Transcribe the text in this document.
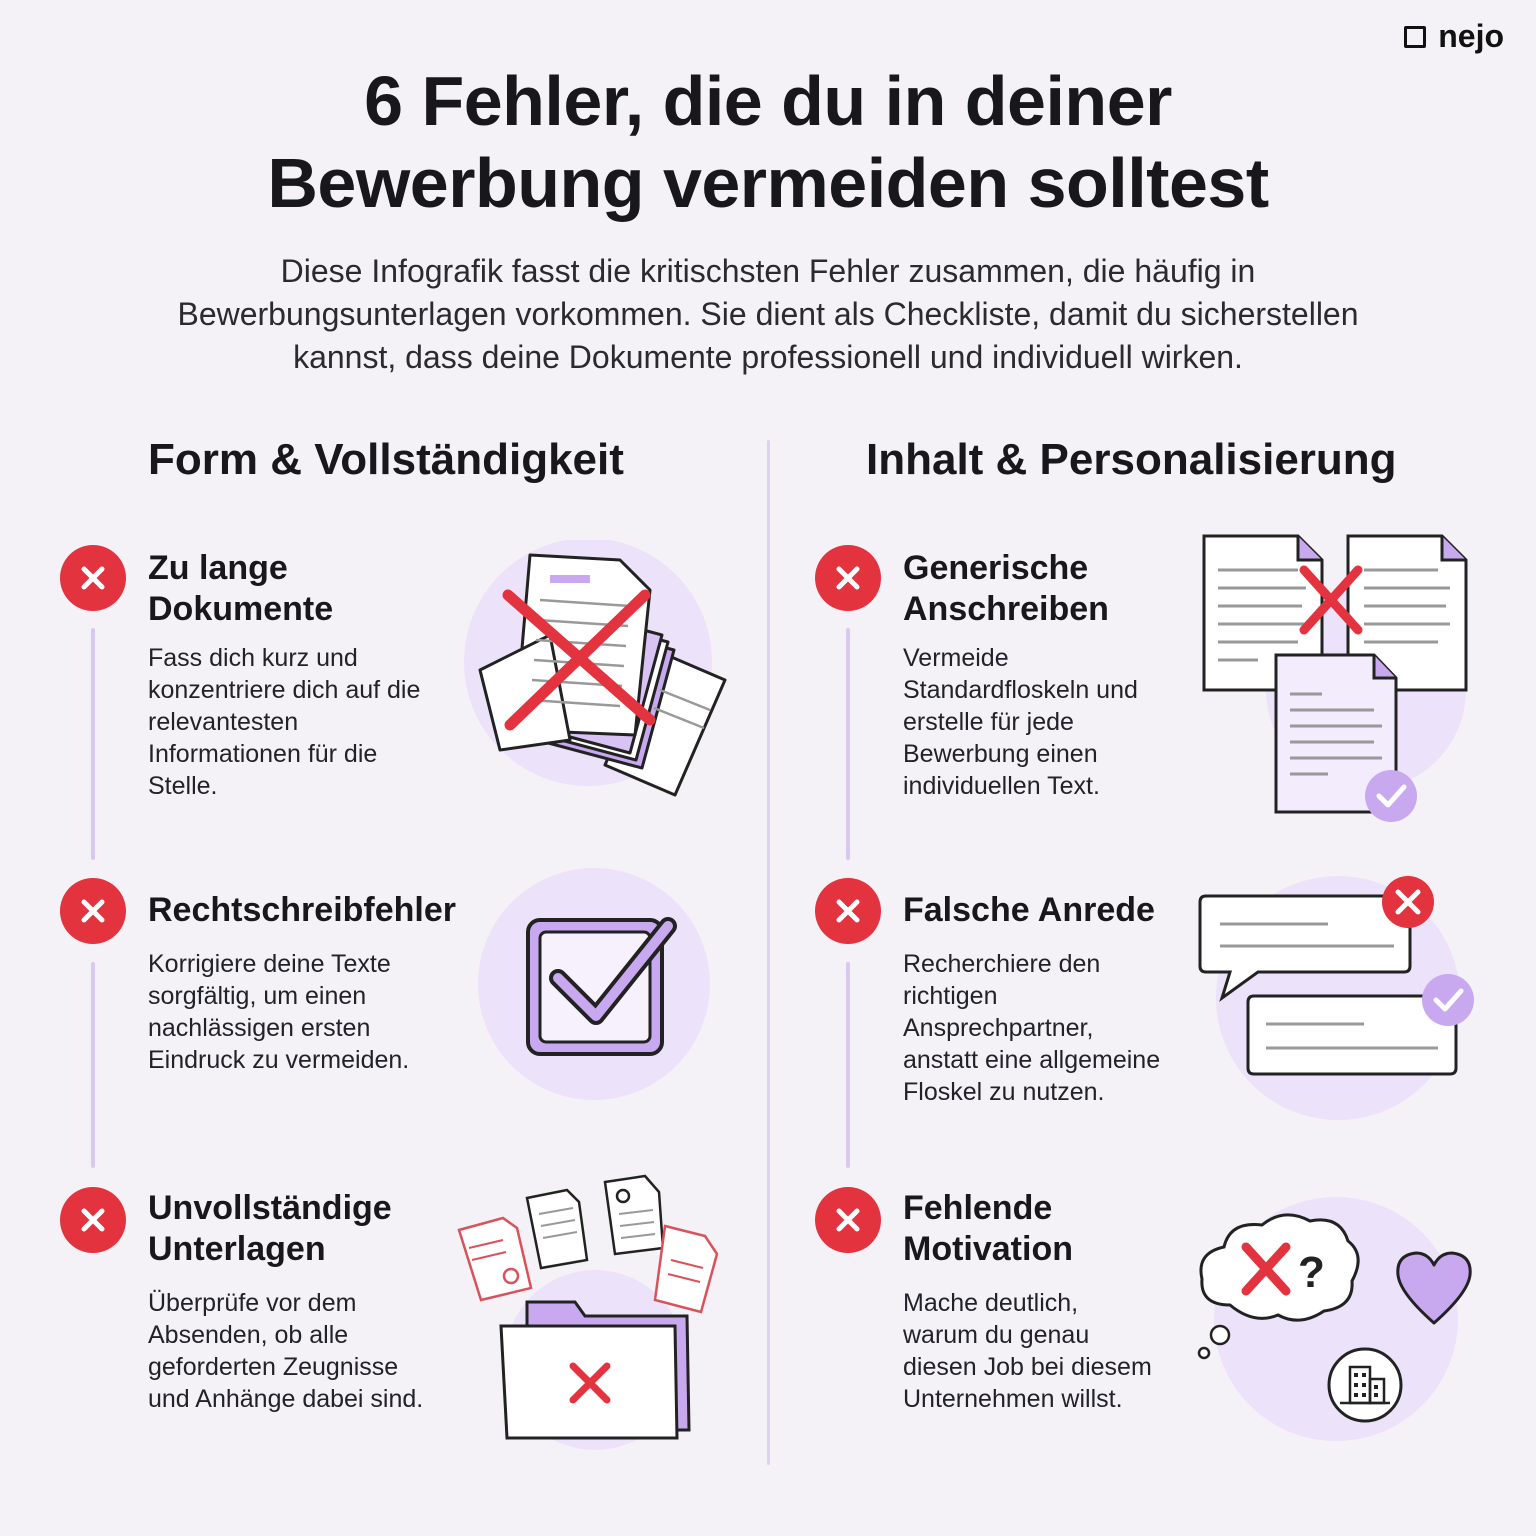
nejo
6 Fehler, die du in deiner
Bewerbung vermeiden solltest
Diese Infografik fasst die kritischsten Fehler zusammen, die häufig in
Bewerbungsunterlagen vorkommen. Sie dient als Checkliste, damit du sicherstellen
kannst, dass deine Dokumente professionell und individuell wirken.
Form & Vollständigkeit	Inhalt & Personalisierung
Zu lange
Dokumente
Fass dich kurz und
konzentriere dich auf die
relevantesten
Informationen für die
Stelle.
Rechtschreibfehler
Korrigiere deine Texte
sorgfältig, um einen
nachlässigen ersten
Eindruck zu vermeiden.
Unvollständige
Unterlagen
Überprüfe vor dem
Absenden, ob alle
geforderten Zeugnisse
und Anhänge dabei sind.
Generische
Anschreiben
Vermeide
Standardfloskeln und
erstelle für jede
Bewerbung einen
individuellen Text.
Falsche Anrede
Recherchiere den
richtigen
Ansprechpartner,
anstatt eine allgemeine
Floskel zu nutzen.
Fehlende
Motivation
Mache deutlich,
warum du genau
diesen Job bei diesem
Unternehmen willst.
?
